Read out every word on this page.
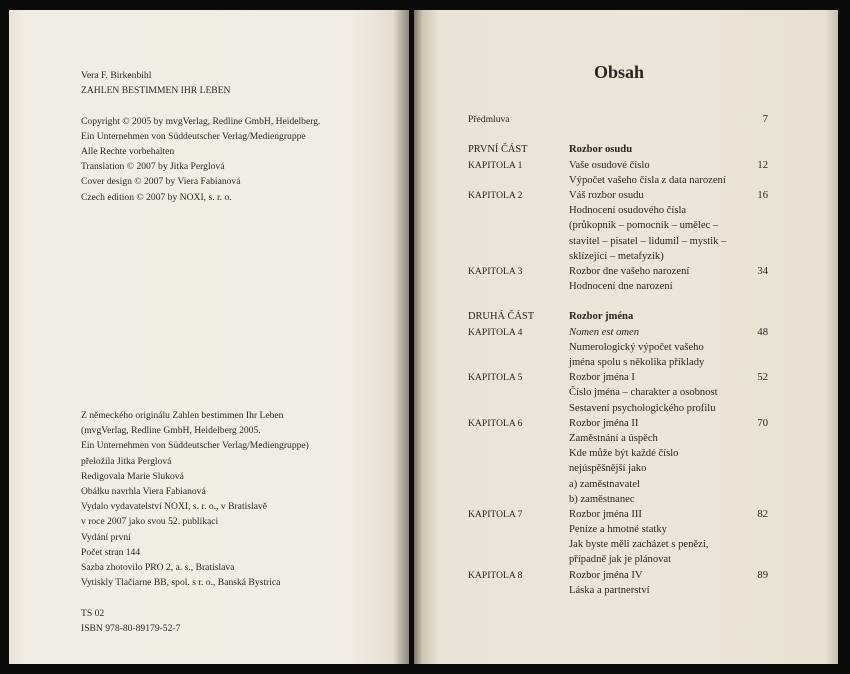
Vera F. Birkenbihl
ZAHLEN BESTIMMEN IHR LEBEN
Copyright © 2005 by mvgVerlag, Redline GmbH, Heidelberg.
Ein Unternehmen von Süddeutscher Verlag/Mediengruppe
Alle Rechte vorbehalten
Translation © 2007 by Jitka Perglová
Cover design © 2007 by Viera Fabianová
Czech edition © 2007 by NOXI, s. r. o.
Z německého originálu Zahlen bestimmen Ihr Leben
(mvgVerlag, Redline GmbH, Heidelberg 2005.
Ein Unternehmen von Süddeutscher Verlag/Mediengruppe)
přeložila Jitka Perglová
Redigovala Marie Sluková
Obálku navrhla Viera Fabianová
Vydalo vydavatelství NOXI, s. r. o., v Bratislavě
v roce 2007 jako svou 52. publikaci
Vydání první
Počet stran 144
Sazba zhotovilo PRO 2, a. s., Bratislava
Vytiskly Tlačiarne BB, spol. s r. o., Banská Bystrica
TS 02
ISBN 978-80-89179-52-7
Obsah
Předmluva	7
PRVNÍ ČÁST	Rozbor osudu
KAPITOLA 1	Vaše osudové číslo	12
Výpočet vašeho čísla z data narození
KAPITOLA 2	Váš rozbor osudu	16
Hodnocení osudového čísla
(průkopník – pomocník – umělec –
stavitel – pisatel – lidumil – mystik –
sklízející – metafyzik)
KAPITOLA 3	Rozbor dne vašeho narození	34
Hodnocení dne narození
DRUHÁ ČÁST	Rozbor jména
KAPITOLA 4	Nomen est omen	48
Numerologický výpočet vašeho
jména spolu s několika příklady
KAPITOLA 5	Rozbor jména I	52
Číslo jména – charakter a osobnost
Sestavení psychologického profilu
KAPITOLA 6	Rozbor jména II	70
Zaměstnání a úspěch
Kde může být každé číslo
nejúspěšnější jako
a) zaměstnavatel
b) zaměstnanec
KAPITOLA 7	Rozbor jména III	82
Peníze a hmotné statky
Jak byste měli zacházet s penězi,
případně jak je plánovat
KAPITOLA 8	Rozbor jména IV	89
Láska a partnerství
